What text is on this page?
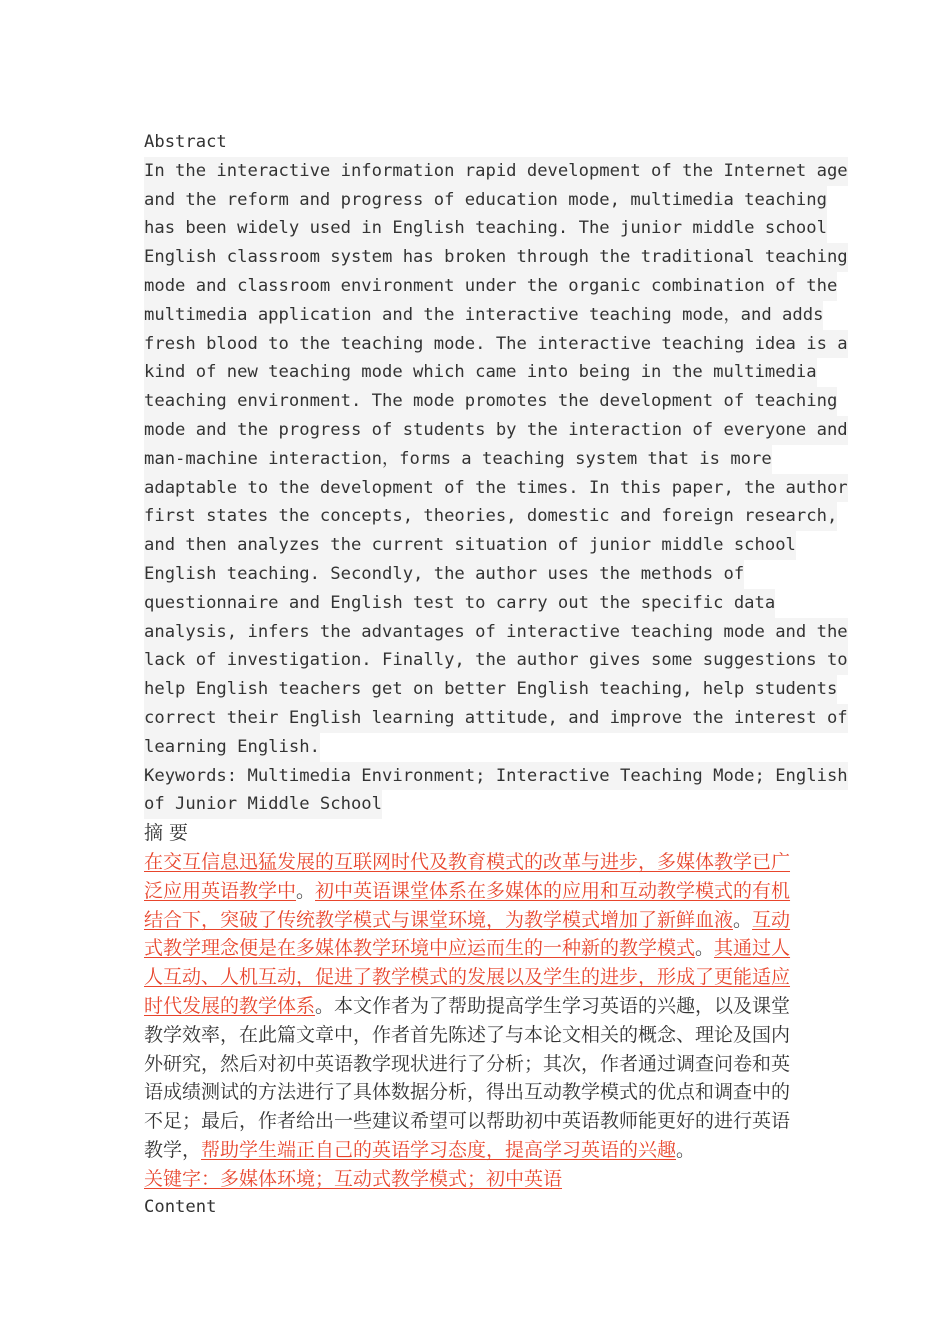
Abstract
In the interactive information rapid development of the Internet age
and the reform and progress of education mode, multimedia teaching
has been widely used in English teaching. The junior middle school
English classroom system has broken through the traditional teaching
mode and classroom environment under the organic combination of the
multimedia application and the interactive teaching mode，and adds
fresh blood to the teaching mode. The interactive teaching idea is a
kind of new teaching mode which came into being in the multimedia
teaching environment. The mode promotes the development of teaching
mode and the progress of students by the interaction of everyone and
man-machine interaction，forms a teaching system that is more
adaptable to the development of the times. In this paper, the author
first states the concepts, theories, domestic and foreign research,
and then analyzes the current situation of junior middle school
English teaching. Secondly, the author uses the methods of
questionnaire and English test to carry out the specific data
analysis, infers the advantages of interactive teaching mode and the
lack of investigation. Finally, the author gives some suggestions to
help English teachers get on better English teaching, help students
correct their English learning attitude, and improve the interest of
learning English.
Keywords: Multimedia Environment; Interactive Teaching Mode; English
of Junior Middle School
摘 要
在交互信息迅猛发展的互联网时代及教育模式的改革与进步，多媒体教学已广
泛应用英语教学中。初中英语课堂体系在多媒体的应用和互动教学模式的有机
结合下，突破了传统教学模式与课堂环境，为教学模式增加了新鲜血液。互动
式教学理念便是在多媒体教学环境中应运而生的一种新的教学模式。其通过人
人互动、人机互动，促进了教学模式的发展以及学生的进步，形成了更能适应
时代发展的教学体系。本文作者为了帮助提高学生学习英语的兴趣，以及课堂
教学效率，在此篇文章中，作者首先陈述了与本论文相关的概念、理论及国内
外研究，然后对初中英语教学现状进行了分析；其次，作者通过调查问卷和英
语成绩测试的方法进行了具体数据分析，得出互动教学模式的优点和调查中的
不足；最后，作者给出一些建议希望可以帮助初中英语教师能更好的进行英语
教学，帮助学生端正自己的英语学习态度，提高学习英语的兴趣。
关键字：多媒体环境；互动式教学模式；初中英语
Content
